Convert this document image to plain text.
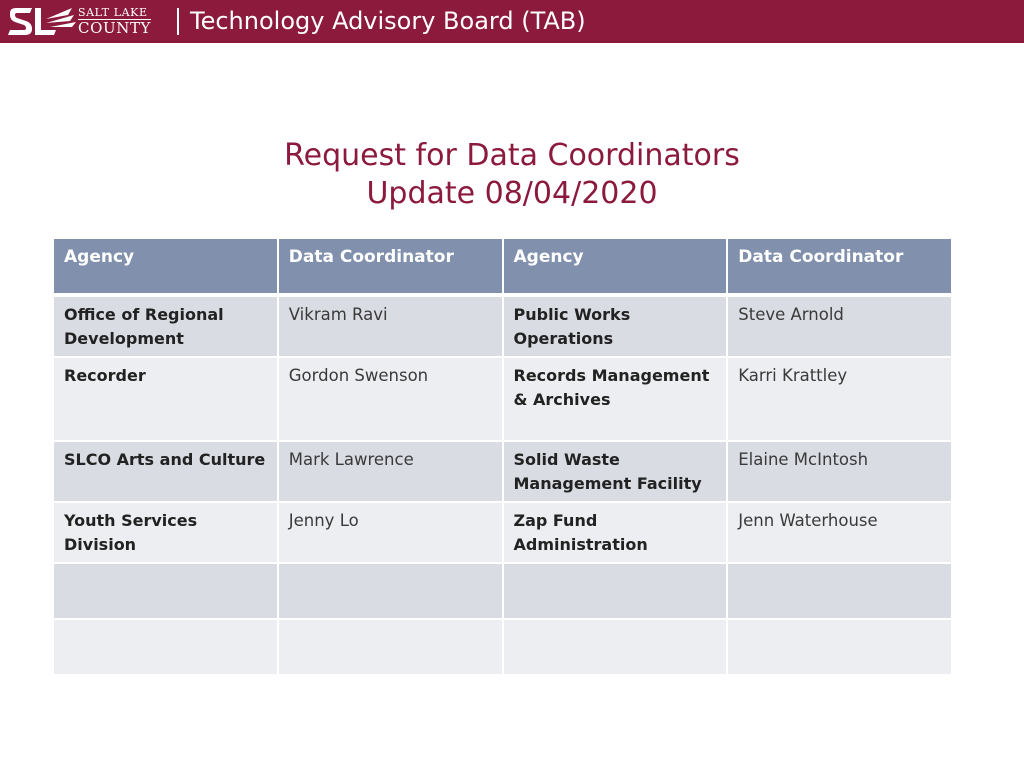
SALT LAKE
COUNTY Technology Advisory Board (TAB)
Request for Data Coordinators
Update 08/04/2020
Agency	Data Coordinator	Agency	Data Coordinator
Office of Regional Development	Vikram Ravi	Public Works Operations	Steve Arnold
Recorder	Gordon Swenson	Records Management & Archives	Karri Krattley
SLCO Arts and Culture	Mark Lawrence	Solid Waste Management Facility	Elaine McIntosh
Youth Services Division	Jenny Lo	Zap Fund Administration	Jenn Waterhouse
